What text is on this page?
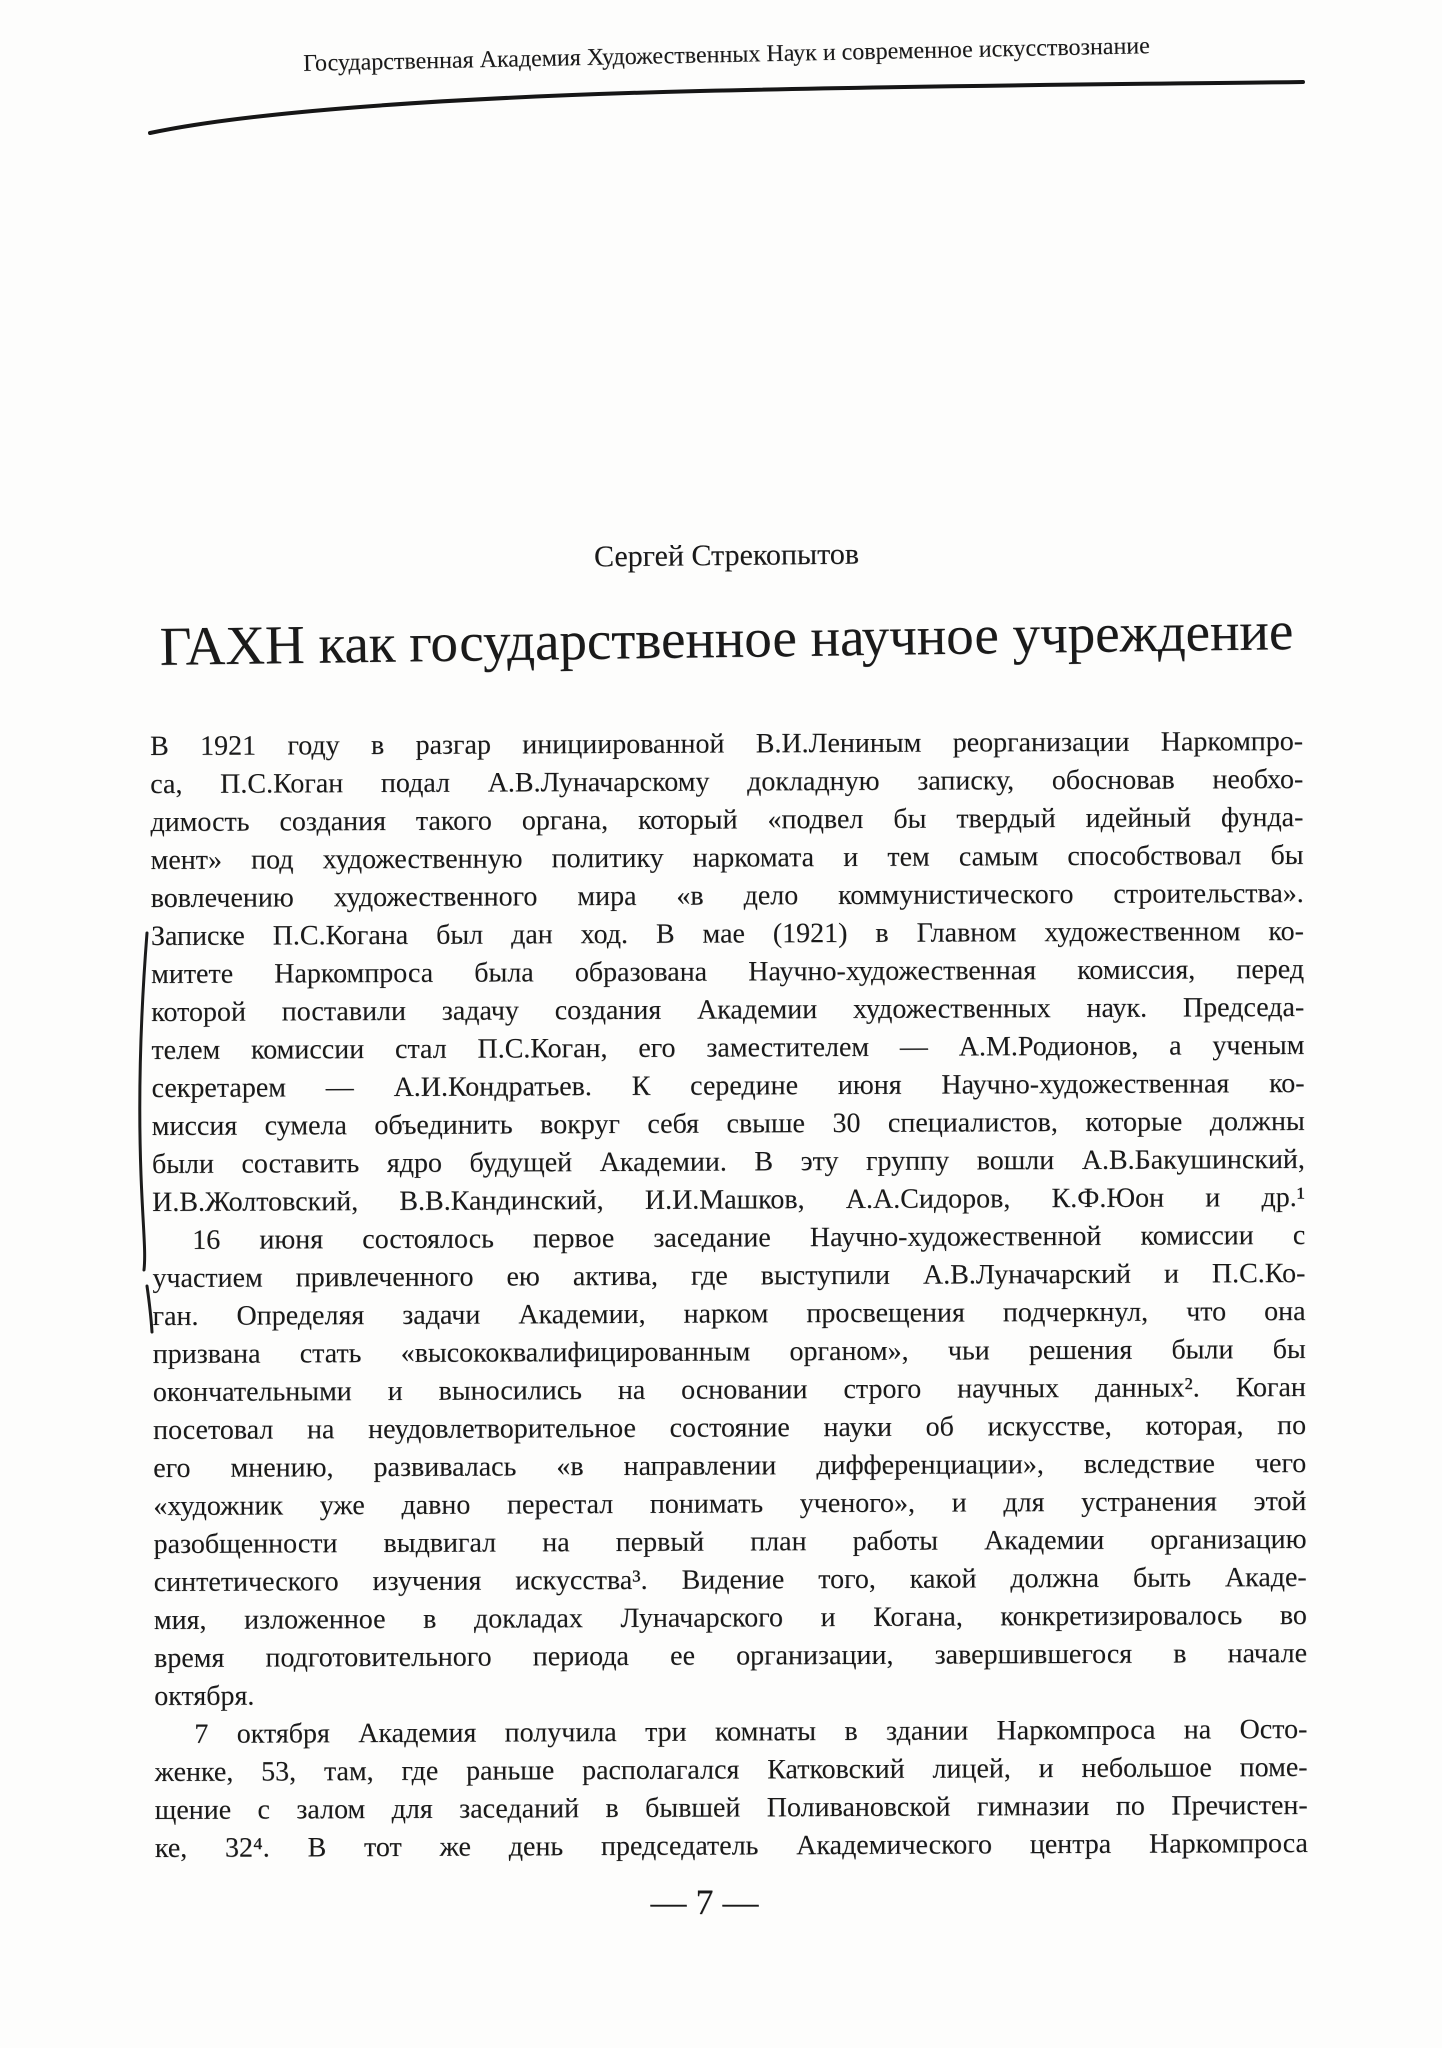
Государственная Академия Художественных Наук и современное искусствознание
Сергей Стрекопытов
ГАХН как государственное научное учреждение
В 1921 году в разгар инициированной В.И.Лениным реорганизации Наркомпро-
са, П.С.Коган подал А.В.Луначарскому докладную записку, обосновав необхо-
димость создания такого органа, который «подвел бы твердый идейный фунда-
мент» под художественную политику наркомата и тем самым способствовал бы
вовлечению художественного мира «в дело коммунистического строительства».
Записке П.С.Когана был дан ход. В мае (1921) в Главном художественном ко-
митете Наркомпроса была образована Научно-художественная комиссия, перед
которой поставили задачу создания Академии художественных наук. Председа-
телем комиссии стал П.С.Коган, его заместителем — А.М.Родионов, а ученым
секретарем — А.И.Кондратьев. К середине июня Научно-художественная ко-
миссия сумела объединить вокруг себя свыше 30 специалистов, которые должны
были составить ядро будущей Академии. В эту группу вошли А.В.Бакушинский,
И.В.Жолтовский, В.В.Кандинский, И.И.Машков, А.А.Сидоров, К.Ф.Юон и др.¹
16 июня состоялось первое заседание Научно-художественной комиссии с
участием привлеченного ею актива, где выступили А.В.Луначарский и П.С.Ко-
ган. Определяя задачи Академии, нарком просвещения подчеркнул, что она
призвана стать «высококвалифицированным органом», чьи решения были бы
окончательными и выносились на основании строго научных данных². Коган
посетовал на неудовлетворительное состояние науки об искусстве, которая, по
его мнению, развивалась «в направлении дифференциации», вследствие чего
«художник уже давно перестал понимать ученого», и для устранения этой
разобщенности выдвигал на первый план работы Академии организацию
синтетического изучения искусства³. Видение того, какой должна быть Акаде-
мия, изложенное в докладах Луначарского и Когана, конкретизировалось во
время подготовительного периода ее организации, завершившегося в начале
октября.
7 октября Академия получила три комнаты в здании Наркомпроса на Осто-
женке, 53, там, где раньше располагался Катковский лицей, и небольшое поме-
щение с залом для заседаний в бывшей Поливановской гимназии по Пречистен-
ке, 32⁴. В тот же день председатель Академического центра Наркомпроса
— 7 —
